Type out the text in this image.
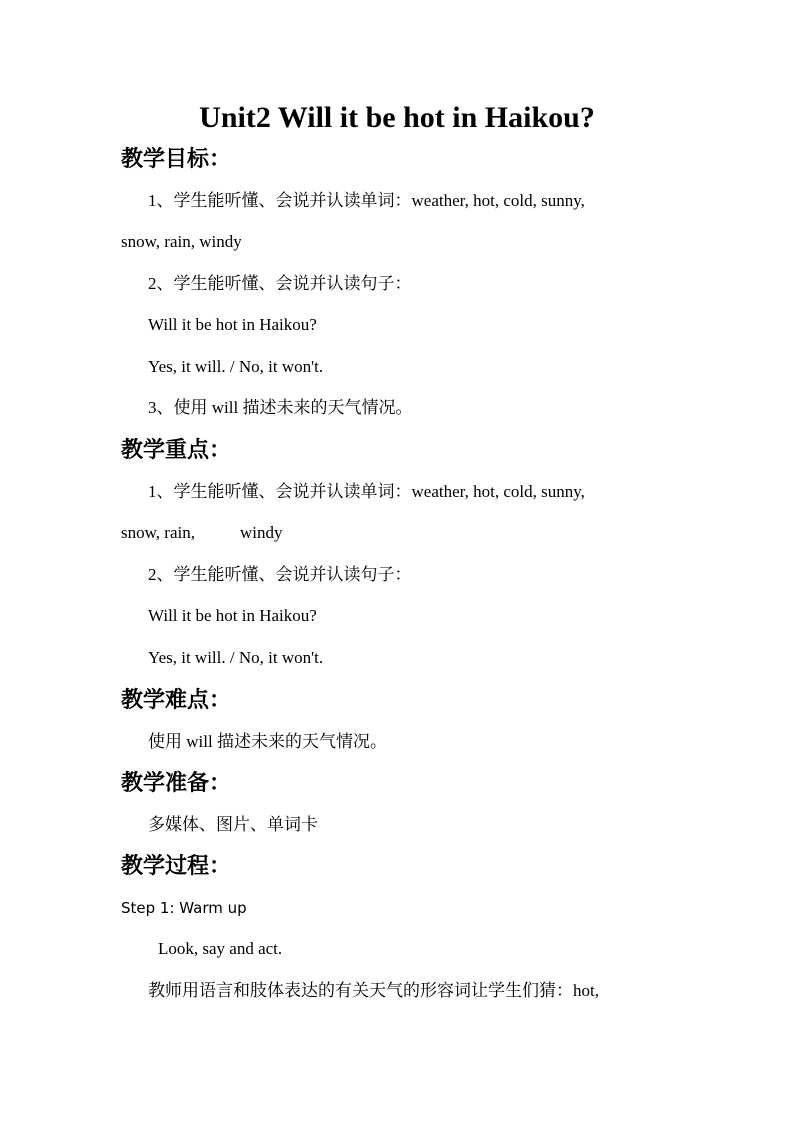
Unit2 Will it be hot in Haikou?
教学目标：
1、学生能听懂、会说并认读单词：weather, hot, cold, sunny,
snow, rain, windy
2、学生能听懂、会说并认读句子：
Will it be hot in Haikou?
Yes, it will. / No, it won't.
3、使用 will 描述未来的天气情况。
教学重点：
1、学生能听懂、会说并认读单词：weather, hot, cold, sunny,
snow, rain,	windy
2、学生能听懂、会说并认读句子：
Will it be hot in Haikou?
Yes, it will. / No, it won't.
教学难点：
使用 will 描述未来的天气情况。
教学准备：
多媒体、图片、单词卡
教学过程：
Step 1: Warm up
Look, say and act.
教师用语言和肢体表达的有关天气的形容词让学生们猜：hot,
